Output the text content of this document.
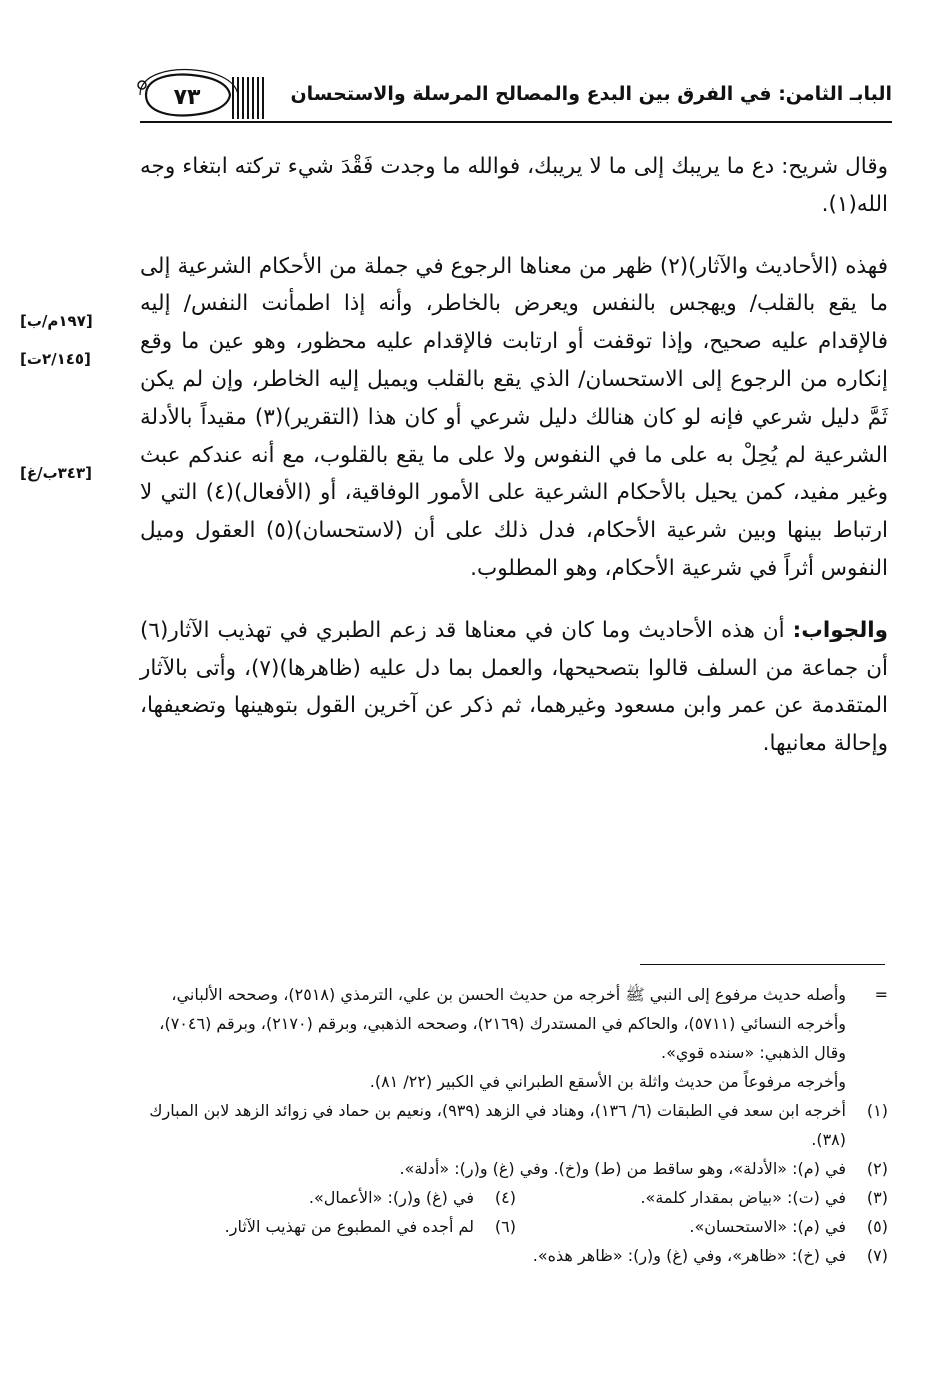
البابـ الثامن: في الفرق بين البدع والمصالح المرسلة والاستحسان
٧٣
[١٩٧م/ب]
[٢/١٤٥ت]
[٣٤٣ب/غ]

وقال شريح: دع ما يريبك إلى ما لا يريبك، فوالله ما وجدت فَقْدَ شيء تركته ابتغاء وجه الله(١).

فهذه (الأحاديث والآثار)(٢) ظهر من معناها الرجوع في جملة من الأحكام الشرعية إلى ما يقع بالقلب/ ويهجس بالنفس ويعرض بالخاطر، وأنه إذا اطمأنت النفس/ إليه فالإقدام عليه صحيح، وإذا توقفت أو ارتابت فالإقدام عليه محظور، وهو عين ما وقع إنكاره من الرجوع إلى الاستحسان/ الذي يقع بالقلب ويميل إليه الخاطر، وإن لم يكن ثَمَّ دليل شرعي فإنه لو كان هنالك دليل شرعي أو كان هذا (التقرير)(٣) مقيداً بالأدلة الشرعية لم يُحِلْ به على ما في النفوس ولا على ما يقع بالقلوب، مع أنه عندكم عبث وغير مفيد، كمن يحيل بالأحكام الشرعية على الأمور الوفاقية، أو (الأفعال)(٤) التي لا ارتباط بينها وبين شرعية الأحكام، فدل ذلك على أن (لاستحسان)(٥) العقول وميل النفوس أثراً في شرعية الأحكام، وهو المطلوب.

والجواب: أن هذه الأحاديث وما كان في معناها قد زعم الطبري في تهذيب الآثار(٦) أن جماعة من السلف قالوا بتصحيحها، والعمل بما دل عليه (ظاهرها)(٧)، وأتى بالآثار المتقدمة عن عمر وابن مسعود وغيرهما، ثم ذكر عن آخرين القول بتوهينها وتضعيفها، وإحالة معانيها.

=
وأصله حديث مرفوع إلى النبي ﷺ أخرجه من حديث الحسن بن علي، الترمذي (٢٥١٨)، وصححه الألباني، وأخرجه النسائي (٥٧١١)، والحاكم في المستدرك (٢١٦٩)، وصححه الذهبي، وبرقم (٢١٧٠)، وبرقم (٧٠٤٦)، وقال الذهبي: «سنده قوي».
وأخرجه مرفوعاً من حديث واثلة بن الأسقع الطبراني في الكبير (٢٢/ ٨١).

(١)
أخرجه ابن سعد في الطبقات (٦/ ١٣٦)، وهناد في الزهد (٩٣٩)، ونعيم بن حماد في زوائد الزهد لابن المبارك (٣٨).

(٢)
في (م): «الأدلة»، وهو ساقط من (ط) و(خ). وفي (غ) و(ر): «أدلة».

(٣)
في (ت): «بياض بمقدار كلمة».

(٤)
في (غ) و(ر): «الأعمال».

(٥)
في (م): «الاستحسان».

(٦)
لم أجده في المطبوع من تهذيب الآثار.

(٧)
في (خ): «ظاهر»، وفي (غ) و(ر): «ظاهر هذه».
